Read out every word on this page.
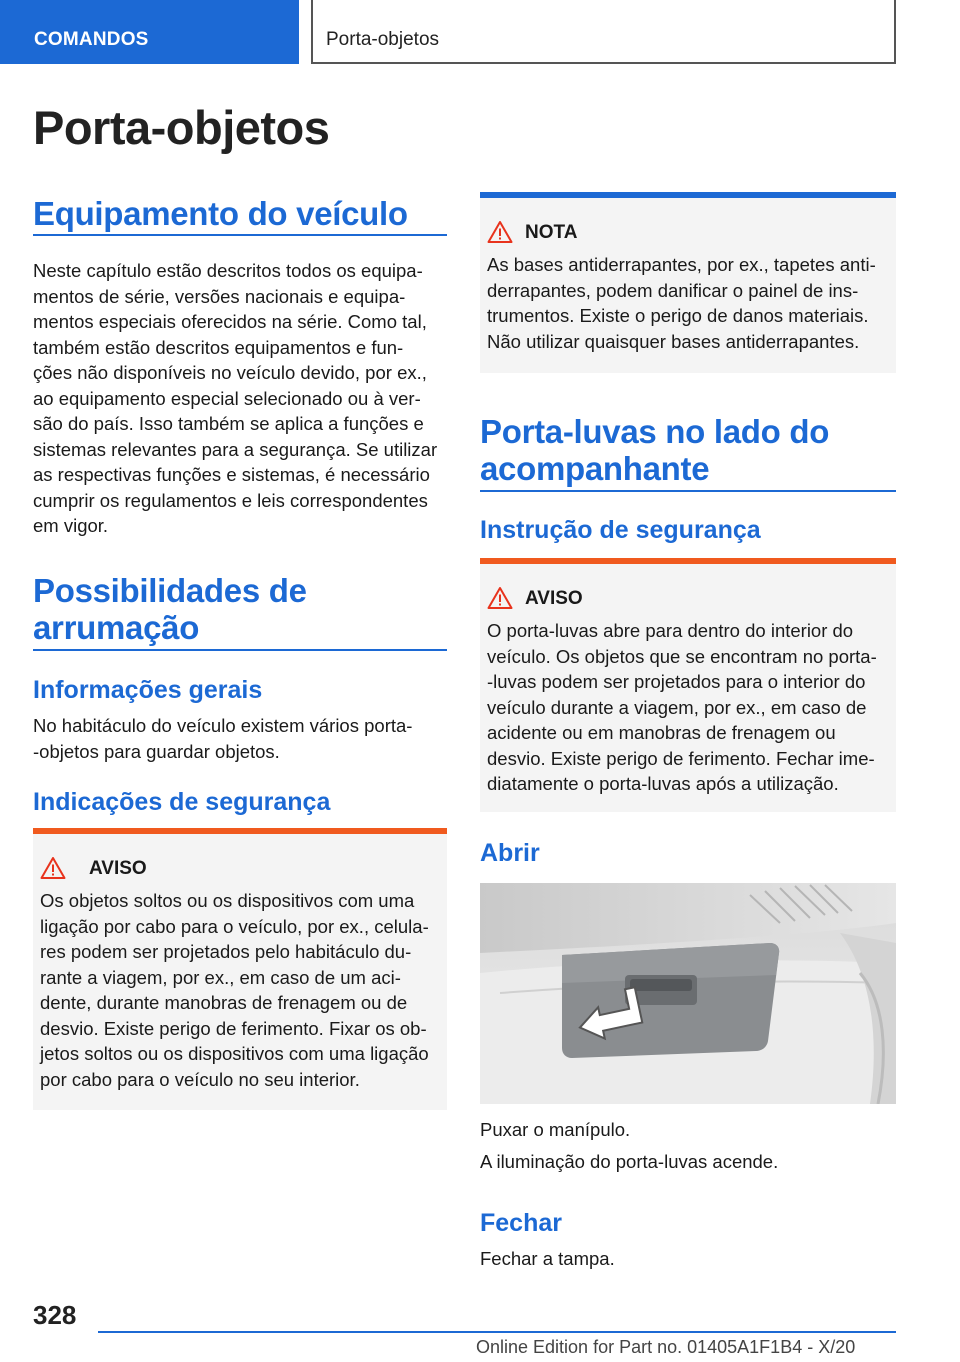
COMANDOS	Porta-objetos
Porta-objetos
Equipamento do veículo
Neste capítulo estão descritos todos os equipa-
mentos de série, versões nacionais e equipa-
mentos especiais oferecidos na série. Como tal,
também estão descritos equipamentos e fun-
ções não disponíveis no veículo devido, por ex.,
ao equipamento especial selecionado ou à ver-
são do país. Isso também se aplica a funções e
sistemas relevantes para a segurança. Se utilizar
as respectivas funções e sistemas, é necessário
cumprir os regulamentos e leis correspondentes
em vigor.
Possibilidades de
arrumação
Informações gerais
No habitáculo do veículo existem vários porta-
-objetos para guardar objetos.
Indicações de segurança
AVISO
Os objetos soltos ou os dispositivos com uma
ligação por cabo para o veículo, por ex., celula-
res podem ser projetados pelo habitáculo du-
rante a viagem, por ex., em caso de um aci-
dente, durante manobras de frenagem ou de
desvio. Existe perigo de ferimento. Fixar os ob-
jetos soltos ou os dispositivos com uma ligação
por cabo para o veículo no seu interior.
NOTA
As bases antiderrapantes, por ex., tapetes anti-
derrapantes, podem danificar o painel de ins-
trumentos. Existe o perigo de danos materiais.
Não utilizar quaisquer bases antiderrapantes.
Porta-luvas no lado do
acompanhante
Instrução de segurança
AVISO
O porta-luvas abre para dentro do interior do
veículo. Os objetos que se encontram no porta-
-luvas podem ser projetados para o interior do
veículo durante a viagem, por ex., em caso de
acidente ou em manobras de frenagem ou
desvio. Existe perigo de ferimento. Fechar ime-
diatamente o porta-luvas após a utilização.
Abrir
Puxar o manípulo.
A iluminação do porta-luvas acende.
Fechar
Fechar a tampa.
328
Online Edition for Part no. 01405A1F1B4 - X/20
